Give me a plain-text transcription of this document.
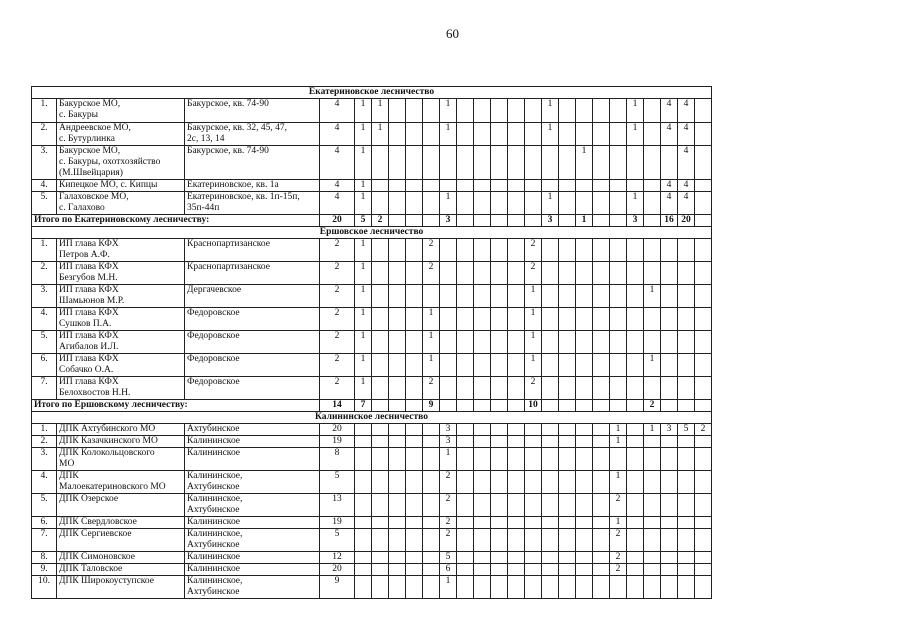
60
Екатериновское лесничество																								
1.	Бакурское МО,
с. Бакуры	Бакурское, кв. 74-90	4	1	1				1						1					1		4	4	
2.	Андреевское МО,
с. Бутурлинка	Бакурское, кв. 32, 45, 47,
2с, 13, 14	4	1	1				1						1					1		4	4	
3.	Бакурское МО,
с. Бакуры, охотхозяйство
(М.Швейцария)	Бакурское, кв. 74-90	4	1													1						4	
4.	Кипецкое МО, с. Кипцы	Екатериновское, кв. 1а	4	1																		4	4	
5.	Галаховское МО,
с. Галахово	Екатериновское, кв. 1п-15п,
35п-44п	4	1					1						1					1		4	4	
Итого по Екатериновскому лесничеству:			20	5	2				3						3		1			3		16	20	
Ершовское лесничество																								
1.	ИП глава КФХ
Петров А.Ф.	Краснопартизанское	2	1				2						2										
2.	ИП глава КФХ
Безгубов М.Н.	Краснопартизанское	2	1				2						2										
3.	ИП глава КФХ
Шамьюнов М.Р.	Дергачевское	2	1										1							1			
4.	ИП глава КФХ
Сушков П.А.	Федоровское	2	1				1						1										
5.	ИП глава КФХ
Агибалов И.Л.	Федоровское	2	1				1						1										
6.	ИП глава КФХ
Собачко О.А.	Федоровское	2	1				1						1							1			
7.	ИП глава КФХ
Белохвостов Н.Н.	Федоровское	2	1				2						2										
Итого по Ершовскому лесничеству:			14	7				9						10							2			
Калининское лесничество																								
1.	ДПК Ахтубинского МО	Ахтубинское	20						3										1		1	3	5	2
2.	ДПК Казачкинского МО	Калининское	19						3										1					
3.	ДПК Колокольцовского
МО	Калининское	8						1															
4.	ДПК
Малоекатериновского МО	Калининское,
Ахтубинское	5						2										1					
5.	ДПК Озерское	Калининское,
Ахтубинское	13						2										2					
6.	ДПК Свердловское	Калининское	19						2										1					
7.	ДПК Сергиевское	Калининское,
Ахтубинское	5						2										2					
8.	ДПК Симоновское	Калининское	12						5										2					
9.	ДПК Таловское	Калининское	20						6										2					
10.	ДПК Широкоуступское	Калининское,
Ахтубинское	9						1															
